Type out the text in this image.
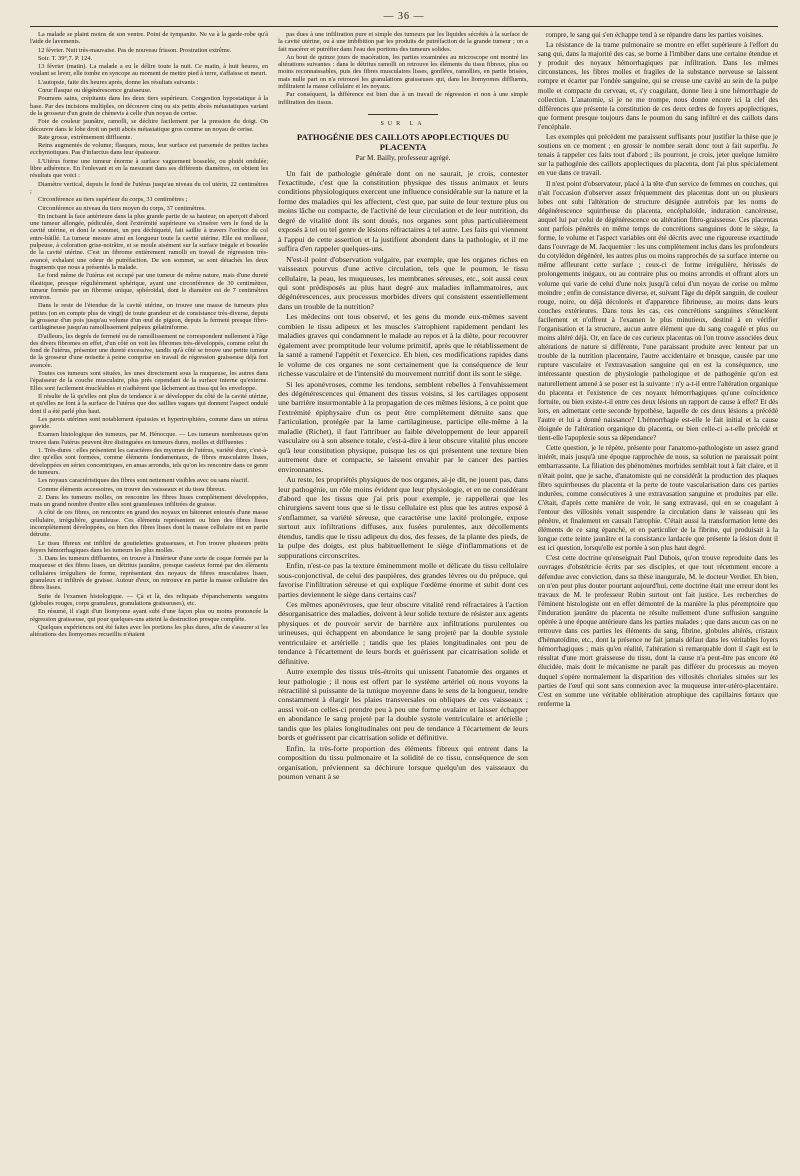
— 36 —

La malade se plaint moins de son ventre. Point de tympanite. Ne va à la garde-robe qu'à l'aide de lavements.

12 février. Nuit très-mauvaise. Pas de nouveau frisson. Prostration extrême.

Soir. T. 39°,7. P. 124.

13 février (matin). La malade a eu le délire toute la nuit. Ce matin, à huit heures, en voulant se lever, elle tombe en syncope au moment de mettre pied à terre, s'affaisse et meurt.

L'autopsie, faite dix heures après, donne les résultats suivants :

Cœur flasque ou dégénérescence graisseuse.

Poumons sains, crépitants dans les deux tiers supérieurs. Congestion hypostatique à la base. Par des incisions multiples, on découvre cinq ou six petits abcès métastatiques variant de la grosseur d'un grain de chènevis à celle d'un noyau de cerise.

Foie de couleur jaunâtre, ramolli, se déchire facilement par la pression du doigt. On découvre dans le lobe droit un petit abcès métastatique gros comme un noyau de cerise.

Rate grosse, extrêmement diffluente.

Reins augmentés de volume; flasques, mous, leur surface est parsemée de petites taches ecchymotiques. Pas d'infarctus dans leur épaisseur.

L'Utérus forme une tumeur énorme à surface vaguement bosselée, ou plutôt ondulée; libre adhérence. En l'enlevant et en la mesurant dans ses différents diamètres, on obtient les résultats que voici :

Diamètre vertical, depuis le fond de l'utérus jusqu'au niveau du col utérin, 22 centimètres ;

Circonférence au tiers supérieur du corps, 31 centimètres ;

Circonférence au niveau du tiers moyen du corps, 37 centimètres.

En incisant la face antérieure dans la plus grande partie de sa hauteur, on aperçoit d'abord une tumeur allongée, pédiculée, dont l'extrémité supérieure va s'insérer vers le fond de la cavité utérine, et dont le sommet, un peu déchiqueté, fait saillie à travers l'orifice du col entre-bâillé. La tumeur mesure ainsi en longueur toute la cavité utérine. Elle est mollasse, pulpeuse, à coloration grise-noirâtre, et se moule aisément sur la surface inégale et bosselée de la cavité utérine. C'est un fibrome entièrement ramolli en travail de régression très-avancé, exhalant une odeur de putréfaction. De son sommet, se sont détachés les deux fragments que nous a présentés la malade.

Le fond même de l'utérus est occupé par une tumeur de même nature, mais d'une dureté élastique, presque régulièrement sphérique, ayant une circonférence de 30 centimètres, tumeur formée par un fibrome unique, sphéroïdal, dont le diamètre est de 7 centimètres environ.

Dans le reste de l'étendue de la cavité utérine, on trouve une masse de tumeurs plus petites (on en compte plus de vingt) de toute grandeur et de consistance très-diverse, depuis la grosseur d'un pois jusqu'au volume d'un œuf de pigeon, depuis la fermeté presque fibro-cartilagineuse jusqu'au ramollissement pulpeux gélatiniforme.

D'ailleurs, les degrés de fermeté ou de ramollissement ne correspondent nullement à l'âge des divers fibromes en effet, d'un côté on voit les fibromes très-développés, comme celui du fond de l'utérus, présenter une dureté excessive, tandis qu'à côté se trouve une petite tumeur de la grosseur d'une noisette à peine comprise en travail de régression graisseuse déjà fort avancée.

Toutes ces tumeurs sont situées, les unes directement sous la muqueuse, les autres dans l'épaisseur de la couche musculaire, plus près cependant de la surface interne qu'externe. Elles sont facilement énucléables et n'adhèrent que lâchement au tissu qui les enveloppe.

Il résulte de là qu'elles ont plus de tendance à se développer du côté de la cavité utérine, et qu'elles ne font à la surface de l'utérus que des saillies vagues qui donnent l'aspect ondulé dont il a été parlé plus haut.

Les parois utérines sont notablement épaissies et hypertrophiées, comme dans un utérus gravide.

Examen histologique des tumeurs, par M. Hénocque. — Les tumeurs nombreuses qu'on trouve dans l'utérus peuvent être distinguées en tumeurs dures, molles et diffluentes :

1. Très-dures : elles présentent les caractères des myomes de l'utérus, variété dure, c'est-à-dire qu'elles sont formées, comme éléments fondamentaux, de fibres musculaires lisses, développées en séries concentriques, en amas arrondis, tels qu'on les rencontre dans ce genre de tumeurs.

Les noyaux caractéristiques des fibres sont nettement visibles avec ou sans réactif.

Comme éléments accessoires, on trouve des vaisseaux et du tissu fibreux.

2. Dans les tumeurs molles, on rencontre les fibres lisses complètement développées, mais un grand nombre d'entre elles sont granuleuses infiltrées de graisse.

A côté de ces fibres, on rencontre en grand des noyaux en bâtonnet entourés d'une masse cellulaire, irrégulière, granuleuse. Ces éléments représentent ou bien des fibres lisses incomplètement développées, ou bien des fibres lisses dont la masse cellulaire est en partie détruite.

Le tissu fibreux est infiltré de gouttelettes graisseuses, et l'on trouve plusieurs petits foyers hémorrhagiques dans les tumeurs les plus molles.

3. Dans les tumeurs diffluentes, on trouve à l'intérieur d'une sorte de coque formée par la muqueuse et des fibres lisses, un détritus jaunâtre, presque caséeux formé par des éléments cellulaires irréguliers de forme, représentant des noyaux de fibres musculaires lisses, granuleux et infiltrés de graisse. Autour d'eux, on retrouve en partie la masse cellulaire des fibres lisses.

Suite de l'examen histologique. — Çà et là, des reliquats d'épanchements sanguins (globules rouges, corps granuleux, granulations graisseuses), etc.

En résumé, il s'agit d'un liomyome ayant subi d'une façon plus ou moins prononcée la régression graisseuse, qui pour quelques-uns atteint la destruction presque complète.

Quelques expériences ont été faites avec les portions les plus dures, afin de s'assurer si les altérations des liomyomes recueillis n'étaient

pas dues à une infiltration pure et simple des tumeurs par les liquides sécrétés à la surface de la cavité utérine, ou à une imbibition par les produits de putréfaction de la grande tumeur ; on a fait macérer et putréfier dans l'eau des portions des tumeurs solides.

Au bout de quinze jours de macération, les parties examinées au microscope ont montré les altérations suivantes : dans le détritus ramolli on retrouve les éléments du tissu fibreux, plus ou moins reconnaissables, puis des fibres musculaires lisses, gonflées, ramollies, en partie brisées, mais nulle part on n'a retrouvé les granulations graisseuses qui, dans les liomyomes diffluents, infiltraient la masse cellulaire et les noyaux.

Par conséquent, la différence est bien due à un travail de régression et non à une simple infiltration des tissus.

SUR LA
PATHOGÉNIE DES CAILLOTS APOPLECTIQUES DU PLACENTA
Par M. Bailly, professeur agrégé.

Un fait de pathologie générale dont on ne saurait, je crois, contester l'exactitude, c'est que la constitution physique des tissus animaux et leurs conditions physiologiques exercent une influence considérable sur la nature et la forme des maladies qui les affectent, c'est que, par suite de leur texture plus ou moins lâche ou compacte, de l'activité de leur circulation et de leur nutrition, du degré de vitalité dont ils sont doués, nos organes sont plus particulièrement exposés à tel ou tel genre de lésions réfractaires à tel autre. Les faits qui viennent à l'appui de cette assertion et la justifient abondent dans la pathologie, et il me suffira d'en rappeler quelques-uns.

N'est-il point d'observation vulgaire, par exemple, que les organes riches en vaisseaux pourvus d'une active circulation, tels que le poumon, le tissu cellulaire, la peau, les muqueuses, les membranes séreuses, etc., soit aussi ceux qui sont prédisposés au plus haut degré aux maladies inflammatoires, aux dégénérescences, aux processus morbides divers qui consistent essentiellement dans un trouble de la nutrition?

Les médecins ont tous observé, et les gens du monde eux-mêmes savent combien le tissu adipeux et les muscles s'atrophient rapidement pendant les maladies graves qui condamnent le malade au repos et à la diète, pour recouvrer également avec promptitude leur volume primitif, après que le rétablissement de la santé a ramené l'appétit et l'exercice. Eh bien, ces modifications rapides dans le volume de ces organes ne sont certainement que la conséquence de leur richesse vasculaire et de l'intensité du mouvement nutritif dont ils sont le siège.

Si les aponévroses, comme les tendons, semblent rebelles à l'envahissement des dégénérescences qui émanent des tissus voisins, si les cartilages opposent une barrière insurmontable à la propagation de ces mêmes lésions, à ce point que l'extrémité épiphysaire d'un os peut être complètement détruite sans que l'articulation, protégée par la lame cartilagineuse, participe elle-même à la maladie (Richet), il faut l'attribuer au faible développement de leur appareil vasculaire ou à son absence totale, c'est-à-dire à leur obscure vitalité plus encore qu'à leur constitution physique, puisque les os qui présentent une texture bien autrement dure et compacte, se laissent envahir par le cancer des parties environnantes.

Au reste, les propriétés physiques de nos organes, ai-je dit, ne jouent pas, dans leur pathogénie, un rôle moins évident que leur physiologie, et en ne considérant d'abord que les tissus que j'ai pris pour exemple, je rappellerai que les chirurgiens savent tous que si le tissu cellulaire est plus que les autres exposé à s'enflammer, sa variété séreuse, que caractérise une laxité prolongée, expose surtout aux infiltrations diffuses, aux fusées purulentes, aux décollements étendus, tandis que le tissu adipeux du dos, des fesses, de la plante des pieds, de la pulpe des doigts, est plus habituellement le siège d'inflammations et de suppurations circonscrites.

Enfin, n'est-ce pas la texture éminemment molle et délicate du tissu cellulaire sous-conjonctival, de celui des paupières, des grandes lèvres ou du prépuce, qui favorise l'infiltration séreuse et qui explique l'œdème énorme et subit dont ces parties deviennent le siège dans certains cas?

Ces mêmes aponévroses, que leur obscure vitalité rend réfractaires à l'action désorganisatrice des maladies, doivent à leur solide texture de résister aux agents physiques et de pouvoir servir de barrière aux infiltrations purulentes ou urineuses, qui échappent en abondance le sang projeté par la double systole ventriculaire et artérielle ; tandis que les plaies longitudinales ont peu de tendance à l'écartement de leurs bords et guérissent par cicatrisation solide et définitive.

Autre exemple des tissus très-étroits qui unissent l'anatomie des organes et leur pathologie ; il nous est offert par le système artériel où nous voyons la rétractilité si puissante de la tunique moyenne dans le sens de la longueur, tendre constamment à élargir les plaies transversales ou obliques de ces vaisseaux ; aussi voit-on celles-ci prendre peu à peu une forme ovalaire et laisser échapper en abondance le sang projeté par la double systole ventriculaire et artérielle ; tandis que les plaies longitudinales ont peu de tendance à l'écartement de leurs bords et guérissent par cicatrisation solide et définitive.

Enfin, la très-forte proportion des éléments fibreux qui entrent dans la composition du tissu pulmonaire et la solidité de ce tissu, conséquence de son organisation, préviennent sa déchirure lorsque quelqu'un des vaisseaux du poumon venant à se

rompre, le sang qui s'en échappe tend à se répandre dans les parties voisines.

La résistance de la trame pulmonaire se montre en effet supérieure à l'effort du sang qui, dans la majorité des cas, se borne à l'imbiber dans une certaine étendue et y produit des noyaux hémorrhagiques par infiltration. Dans les mêmes circonstances, les fibres molles et fragiles de la substance nerveuse se laissent rompre et écarter par l'ondée sanguine, qui se creuse une cavité au sein de la pulpe molle et compacte du cerveau, et, s'y coagulant, donne lieu à une hémorrhagie de collection. L'anatomie, si je ne me trompe, nous donne encore ici la clef des différences que présente la constitution de ces deux ordres de foyers apoplectiques, que forment presque toujours dans le poumon du sang infiltré et des caillots dans l'encéphale.

Les exemples qui précèdent me paraissent suffisants pour justifier la thèse que je soutiens en ce moment ; en grossir le nombre serait donc tout à fait superflu. Je tenais à rappeler ces faits tout d'abord ; ils pourront, je crois, jeter quelque lumière sur la pathogénie des caillots apoplectiques du placenta, dont j'ai plus spécialement en vue dans ce travail.

Il n'est point d'observateur, placé à la tête d'un service de femmes en couches, qui n'ait l'occasion d'observer assez fréquemment des placentas dont un ou plusieurs lobes ont subi l'altération de structure désignée autrefois par les noms de dégénérescence squirrheuse du placenta, encéphaloïde, induration cancéreuse, auquel lui par celui de dégénérescence ou altération fibro-graisseuse. Ces placentas sont parfois pénétrés en même temps de concrétions sanguines dont le siège, la forme, le volume et l'aspect variables ont été décrits avec une rigoureuse exactitude dans l'ouvrage de M. Jacquemier : les uns complètement inclus dans les profondeurs du cotylédon dégénéré, les autres plus ou moins rapprochés de sa surface interne ou même affleurant cette surface ; ceux-ci de forme irrégulière, hérissés de prolongements inégaux, ou au contraire plus ou moins arrondis et offrant alors un volume qui varie de celui d'une noix jusqu'à celui d'un noyau de cerise ou même moindre ; enfin de consistance diverse, et, suivant l'âge du dépôt sanguin, de couleur rouge, noire, ou déjà décolorés et d'apparence fibrineuse, au moins dans leurs couches extérieures. Dans tous les cas, ces concrétions sanguines s'énucléent facilement et n'offrent à l'examen le plus minutieux, destiné à en vérifier l'organisation et la structure, aucun autre élément que du sang coagulé et plus ou moins altéré déjà. Or, en face de ces curieux placentas où l'on trouve associées deux altérations de nature si différente, l'une paraissant produite avec lenteur par un trouble de la nutrition placentaire, l'autre accidentaire et brusque, causée par une rupture vasculaire et l'extravasation sanguine qui en est la conséquence, une intéressante question de physiologie pathologique et de pathogénie qu'on est naturellement amené à se poser est la suivante : n'y a-t-il entre l'altération organique du placenta et l'existence de ces noyaux hémorrhagiques qu'une coïncidence fortuite, ou bien existe-t-il entre ces deux lésions un rapport de cause à effet? Et dès lors, en admettant cette seconde hypothèse, laquelle de ces deux lésions a précédé l'autre et lui a donné naissance? L'hémorrhagie est-elle le fait initial et la cause éloignée de l'altération organique du placenta, ou bien celle-ci a-t-elle précédé et tient-elle l'apoplexie sous sa dépendance?

Cette question, je le répète, présente pour l'anatomo-pathologiste un assez grand intérêt, mais jusqu'à une époque rapprochée de nous, sa solution ne paraissait point embarrassante. La filiation des phénomènes morbides semblait tout à fait claire, et il n'était point, que je sache, d'anatomiste qui ne considérât la production des plaques fibro squirrheuses du placenta et la perte de toute vascularisation dans ces parties indurées, comme consécutives à une extravasation sanguine et produites par elle. C'était, d'après cette manière de voir, le sang extravasé, qui en se coagulant à l'entour des villosités venait suspendre la circulation dans le vaisseau qui les pénètre, et finalement en causait l'atrophie. C'était aussi la transformation lente des éléments de ce sang épanché, et en particulier de la fibrine, qui produisait à la longue cette teinte jaunâtre et la consistance lardacée que présente la lésion dont il est ici question, lorsqu'elle est portée à son plus haut degré.

C'est cette doctrine qu'enseignait Paul Dubois, qu'on trouve reproduite dans les ouvrages d'obstétricie écrits par ses disciples, et que tout récemment encore a défendue avec conviction, dans sa thèse inaugurale, M. le docteur Verdier. Eh bien, on n'en peut plus douter pourtant aujourd'hui, cette doctrine était une erreur dont les travaux de M. le professeur Robin surtout ont fait justice. Les recherches de l'éminent histologiste ont en effet démontré de la manière la plus péremptoire que l'induration jaunâtre du placenta ne résulte nullement d'une suffusion sanguine opérée à une époque antérieure dans les parties malades ; que dans aucun cas on ne retrouve dans ces parties les éléments du sang, fibrine, globules altérés, cristaux d'hématoïdine, etc., dont la présence ne fait jamais défaut dans les véritables foyers hémorrhagiques ; mais qu'en réalité, l'altération si remarquable dont il s'agit est le résultat d'une mort graisseuse du tissu, dont la cause n'a peut-être pas encore été élucidée, mais dont le mécanisme ne paraît pas différer du processus au moyen duquel s'opère normalement la disparition des villosités choriales situées sur les parties de l'œuf qui sont sans connexion avec la muqueuse inter-utéro-placentaire. C'est en somme une véritable oblitération atrophique des capillaires fœtaux que renferme la
